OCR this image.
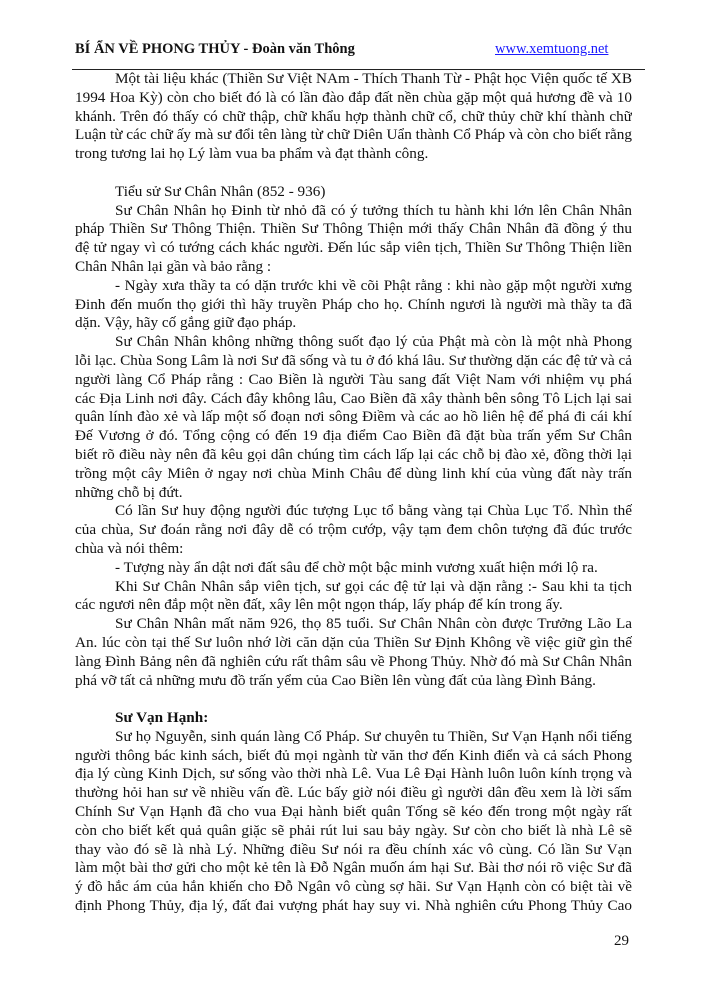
BÍ ẨN VỀ PHONG THỦY - Đoàn văn Thông	www.xemtuong.net
Một tài liệu khác (Thiền Sư Việt NAm - Thích Thanh Từ - Phật học Viện quốc tế XB
1994 Hoa Kỳ) còn cho biết đó là có lần đào đắp đất nền chùa gặp một quả hương đề và 10
khánh. Trên đó thấy có chữ thập, chữ khẩu hợp thành chữ cổ, chữ thủy chữ khí thành chữ
Luận từ các chữ ấy mà sư đổi tên làng từ chữ Diên Uẩn thành Cổ Pháp và còn cho biết rằng
trong tương lai họ Lý làm vua ba phẩm và đạt thành công.
Tiểu sử Sư Chân Nhân (852 - 936)
Sư Chân Nhân họ Đinh từ nhỏ đã có ý tưởng thích tu hành khi lớn lên Chân Nhân
pháp Thiền Sư Thông Thiện. Thiền Sư Thông Thiện mới thấy Chân Nhân đã đồng ý thu
đệ tử ngay vì có tướng cách khác người. Đến lúc sắp viên tịch, Thiền Sư Thông Thiện liền
Chân Nhân lại gần và bảo rằng :
- Ngày xưa thầy ta có dặn trước khi về cõi Phật rằng : khi nào gặp một người xưng
Đinh đến muốn thọ giới thì hãy truyền Pháp cho họ. Chính ngươi là người mà thầy ta đã
dặn. Vậy, hãy cố gắng giữ đạo pháp.
Sư Chân Nhân không những thông suốt đạo lý của Phật mà còn là một nhà Phong
lỗi lạc. Chùa Song Lâm là nơi Sư đã sống và tu ở đó khá lâu. Sư thường dặn các đệ tử và cả
người làng Cổ Pháp rằng : Cao Biền là người Tàu sang đất Việt Nam với nhiệm vụ phá
các Địa Linh nơi đây. Cách đây không lâu, Cao Biền đã xây thành bên sông Tô Lịch lại sai
quân lính đào xẻ và lấp một số đoạn nơi sông Điềm và các ao hồ liên hệ để phá đi cái khí
Đế Vương ở đó. Tổng cộng có đến 19 địa điểm Cao Biền đã đặt bùa trấn yểm Sư Chân
biết rõ điều này nên đã kêu gọi dân chúng tìm cách lấp lại các chỗ bị đào xẻ, đồng thời lại
trồng một cây Miên ở ngay nơi chùa Minh Châu để dùng linh khí của vùng đất này trấn
những chỗ bị đứt.
Có lần Sư huy động người đúc tượng Lục tổ bằng vàng tại Chùa Lục Tổ. Nhìn thế
của chùa, Sư đoán rằng nơi đây dễ có trộm cướp, vậy tạm đem chôn tượng đã đúc trước
chùa và nói thêm:
- Tượng này ẩn dật nơi đất sâu để chờ một bậc minh vương xuất hiện mới lộ ra.
Khi Sư Chân Nhân sắp viên tịch, sư gọi các đệ tử lại và dặn rằng :- Sau khi ta tịch
các ngươi nên đắp một nền đất, xây lên một ngọn tháp, lấy pháp để kín trong ấy.
Sư Chân Nhân mất năm 926, thọ 85 tuổi. Sư Chân Nhân còn được Trưởng Lão La
An. lúc còn tại thế Sư luôn nhớ lời căn dặn của Thiền Sư Định Không về việc giữ gìn thế
làng Đình Bảng nên đã nghiên cứu rất thâm sâu về Phong Thủy. Nhờ đó mà Sư Chân Nhân
phá vỡ tất cả những mưu đồ trấn yểm của Cao Biền lên vùng đất của làng Đình Bảng.
Sư Vạn Hạnh:
Sư họ Nguyễn, sinh quán làng Cổ Pháp. Sư chuyên tu Thiền, Sư Vạn Hạnh nổi tiếng
người thông bác kinh sách, biết đủ mọi ngành từ văn thơ đến Kinh điển và cả sách Phong
địa lý cùng Kinh Dịch, sư sống vào thời nhà Lê. Vua Lê Đại Hành luôn luôn kính trọng và
thường hỏi han sư về nhiều vấn đề. Lúc bấy giờ nói điều gì người dân đều xem là lời sấm
Chính Sư Vạn Hạnh đã cho vua Đại hành biết quân Tống sẽ kéo đến trong một ngày rất
còn cho biết kết quả quân giặc sẽ phải rút lui sau bảy ngày. Sư còn cho biết là nhà Lê sẽ
thay vào đó sẽ là nhà Lý. Những điều Sư nói ra đều chính xác vô cùng. Có lần Sư Vạn
làm một bài thơ gửi cho một kẻ tên là Đỗ Ngân muốn ám hại Sư. Bài thơ nói rõ việc Sư đã
ý đồ hắc ám của hắn khiến cho Đỗ Ngân vô cùng sợ hãi. Sư Vạn Hạnh còn có biệt tài về
định Phong Thủy, địa lý, đất đai vượng phát hay suy vi. Nhà nghiên cứu Phong Thủy Cao
29
